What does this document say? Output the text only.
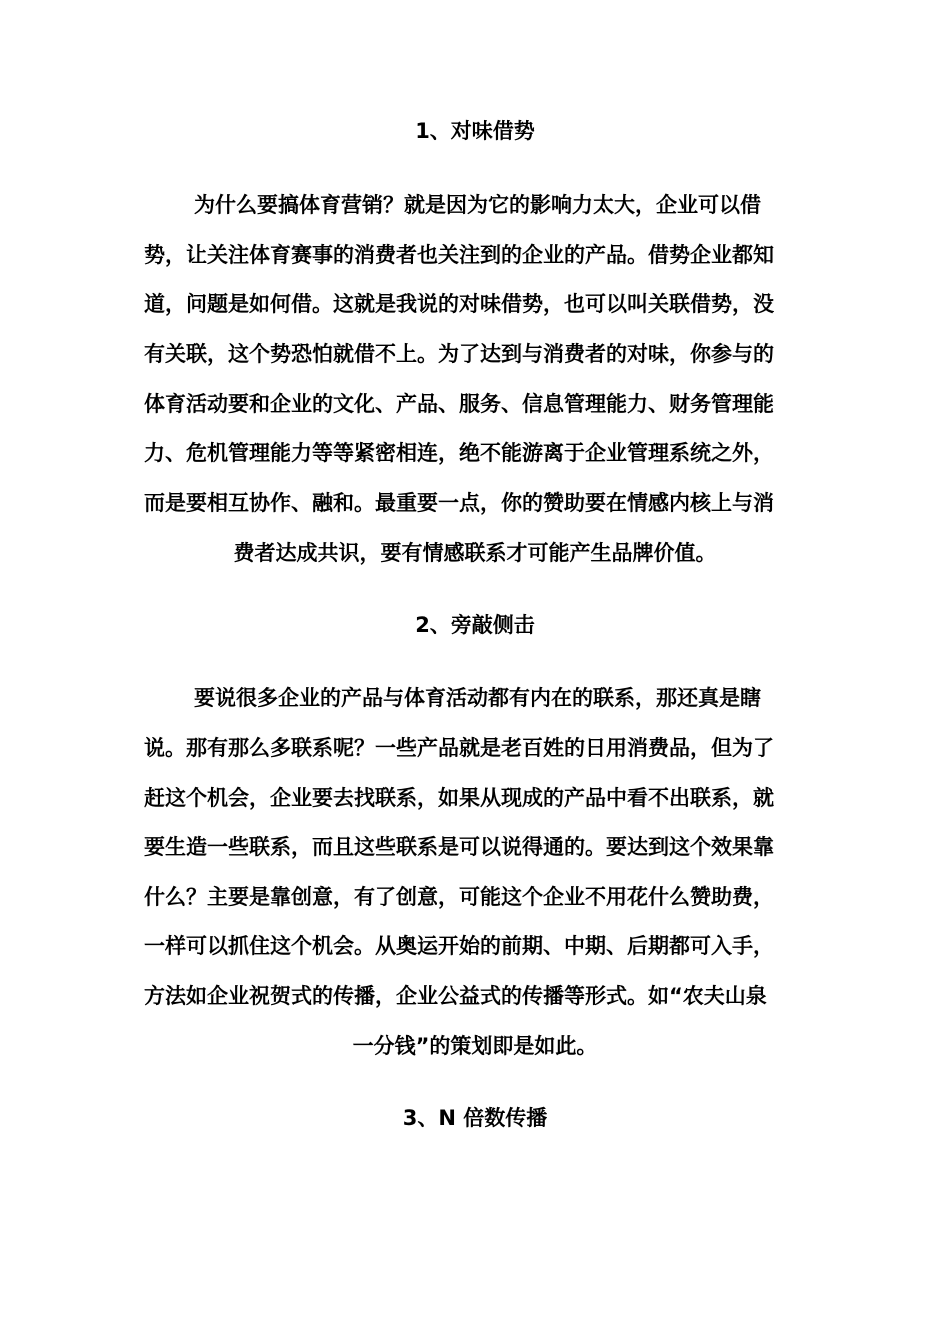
1、对味借势
为什么要搞体育营销？就是因为它的影响力太大，企业可以借
势，让关注体育赛事的消费者也关注到的企业的产品。借势企业都知
道，问题是如何借。这就是我说的对味借势，也可以叫关联借势，没
有关联，这个势恐怕就借不上。为了达到与消费者的对味，你参与的
体育活动要和企业的文化、产品、服务、信息管理能力、财务管理能
力、危机管理能力等等紧密相连，绝不能游离于企业管理系统之外，
而是要相互协作、融和。最重要一点，你的赞助要在情感内核上与消
费者达成共识，要有情感联系才可能产生品牌价值。
2、旁敲侧击
要说很多企业的产品与体育活动都有内在的联系，那还真是瞎
说。那有那么多联系呢？一些产品就是老百姓的日用消费品，但为了
赶这个机会，企业要去找联系，如果从现成的产品中看不出联系，就
要生造一些联系，而且这些联系是可以说得通的。要达到这个效果靠
什么？主要是靠创意，有了创意，可能这个企业不用花什么赞助费，
一样可以抓住这个机会。从奥运开始的前期、中期、后期都可入手，
方法如企业祝贺式的传播，企业公益式的传播等形式。如“农夫山泉
一分钱”的策划即是如此。
3、N 倍数传播
